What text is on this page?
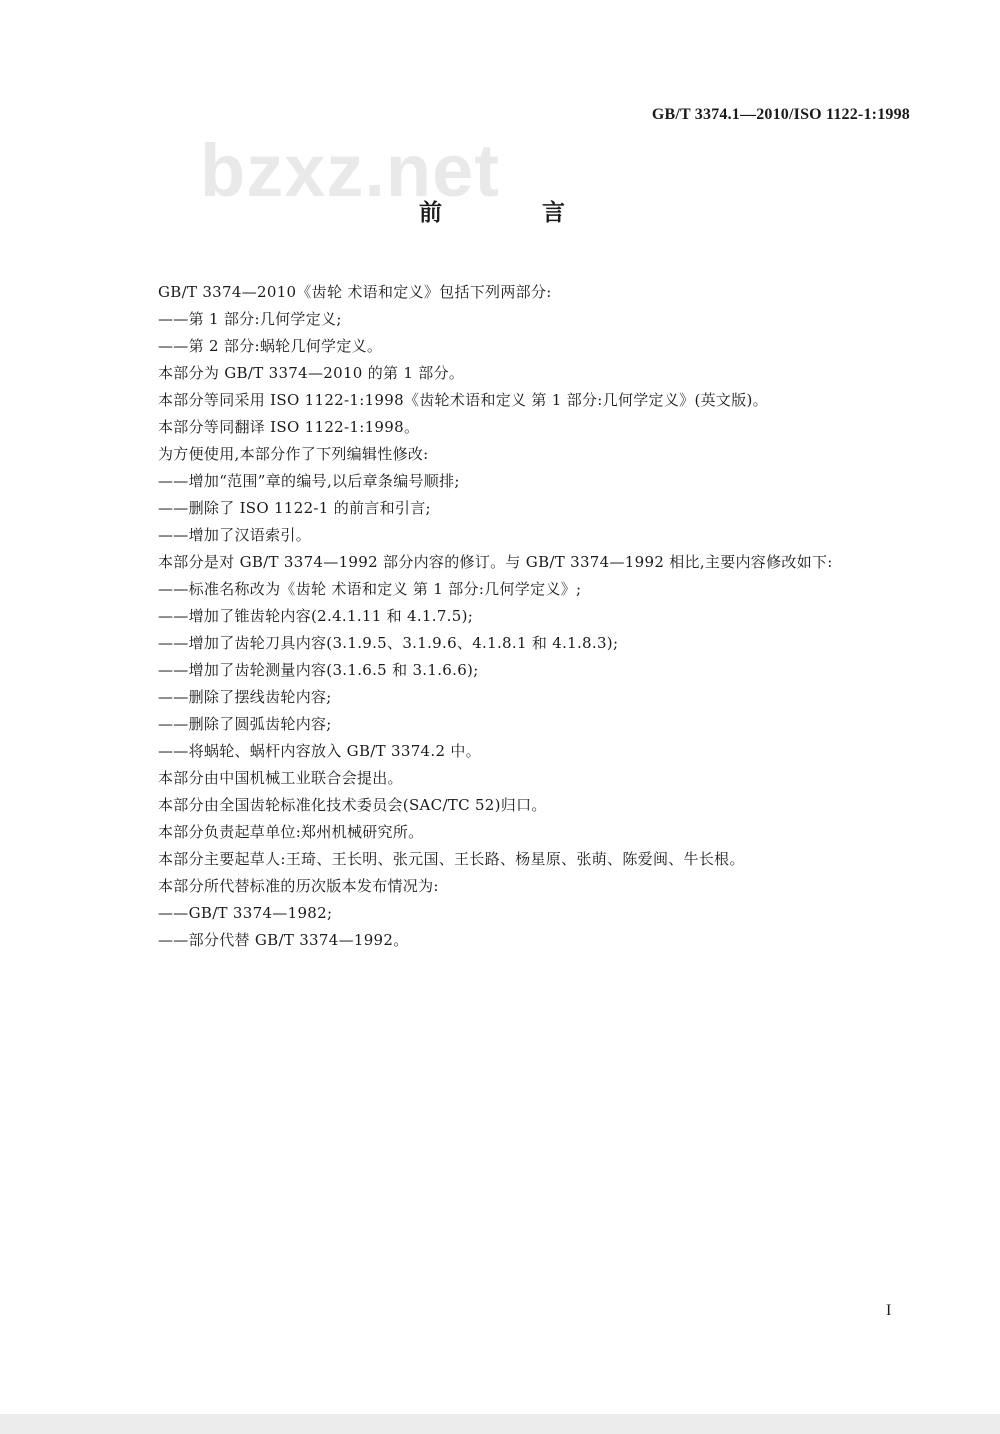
GB/T 3374.1—2010/ISO 1122-1:1998
bzxz.net
前 言
GB/T 3374—2010《齿轮 术语和定义》包括下列两部分:
——第 1 部分:几何学定义;
——第 2 部分:蜗轮几何学定义。
本部分为 GB/T 3374—2010 的第 1 部分。
本部分等同采用 ISO 1122-1:1998《齿轮术语和定义 第 1 部分:几何学定义》(英文版)。
本部分等同翻译 ISO 1122-1:1998。
为方便使用,本部分作了下列编辑性修改:
——增加“范围”章的编号,以后章条编号顺排;
——删除了 ISO 1122-1 的前言和引言;
——增加了汉语索引。
本部分是对 GB/T 3374—1992 部分内容的修订。与 GB/T 3374—1992 相比,主要内容修改如下:
——标准名称改为《齿轮 术语和定义 第 1 部分:几何学定义》;
——增加了锥齿轮内容(2.4.1.11 和 4.1.7.5);
——增加了齿轮刀具内容(3.1.9.5、3.1.9.6、4.1.8.1 和 4.1.8.3);
——增加了齿轮测量内容(3.1.6.5 和 3.1.6.6);
——删除了摆线齿轮内容;
——删除了圆弧齿轮内容;
——将蜗轮、蜗杆内容放入 GB/T 3374.2 中。
本部分由中国机械工业联合会提出。
本部分由全国齿轮标准化技术委员会(SAC/TC 52)归口。
本部分负责起草单位:郑州机械研究所。
本部分主要起草人:王琦、王长明、张元国、王长路、杨星原、张萌、陈爱闽、牛长根。
本部分所代替标准的历次版本发布情况为:
——GB/T 3374—1982;
——部分代替 GB/T 3374—1992。
I
